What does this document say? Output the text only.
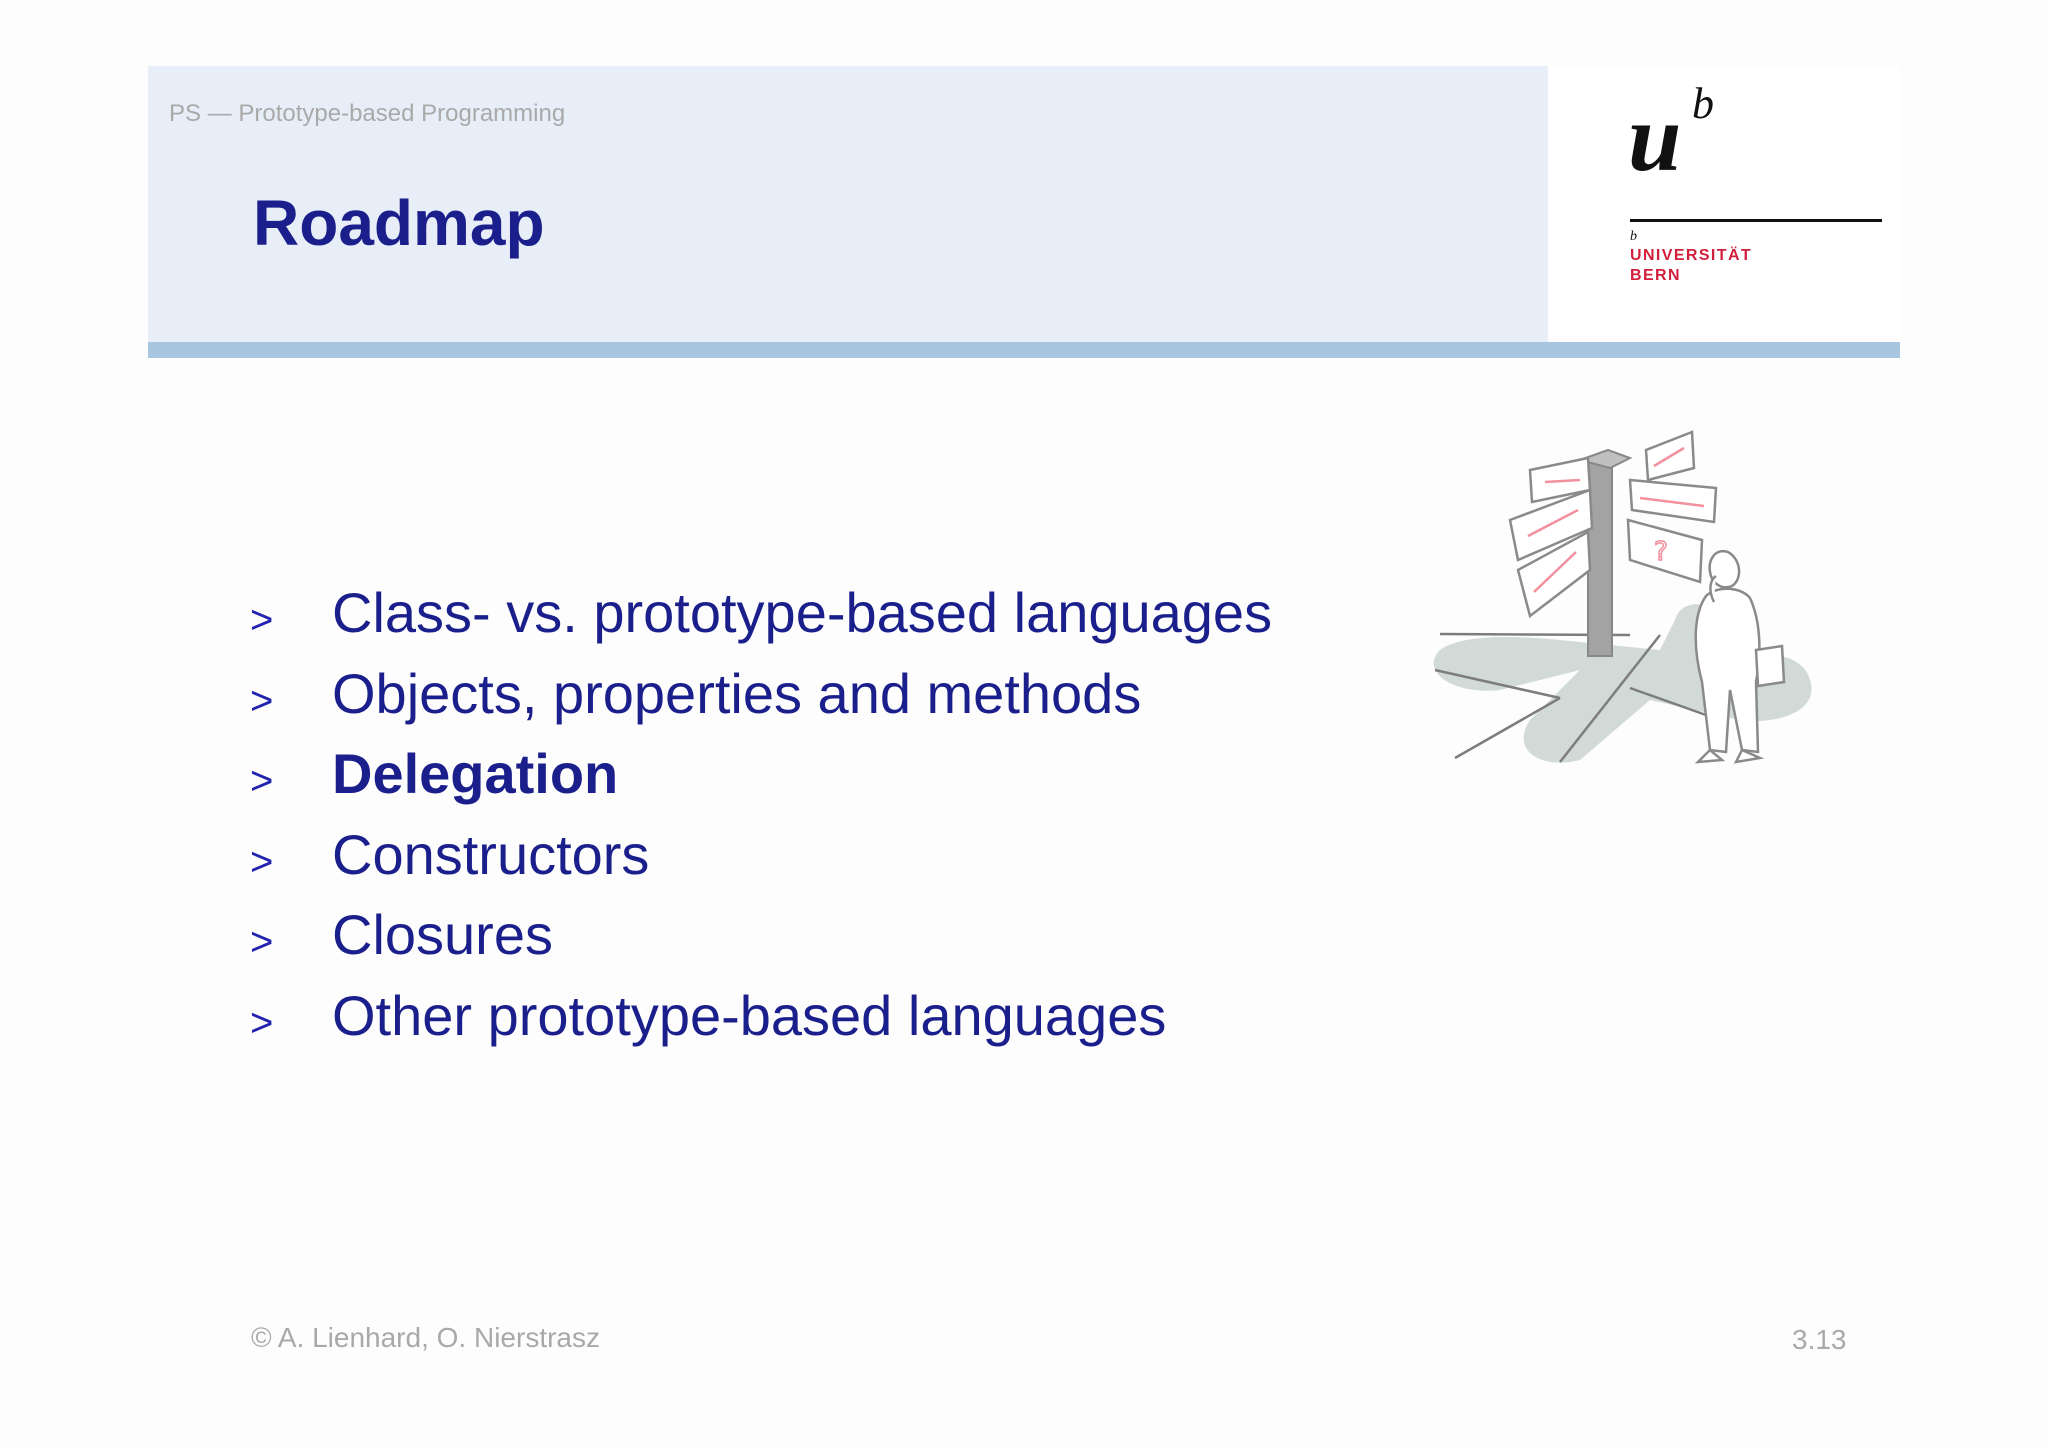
PS — Prototype-based Programming
Roadmap
u b
b
UNIVERSITÄT
BERN
> Class- vs. prototype-based languages
> Objects, properties and methods
> Delegation
> Constructors
> Closures
> Other prototype-based languages
?
© A. Lienhard, O. Nierstrasz	3.13
